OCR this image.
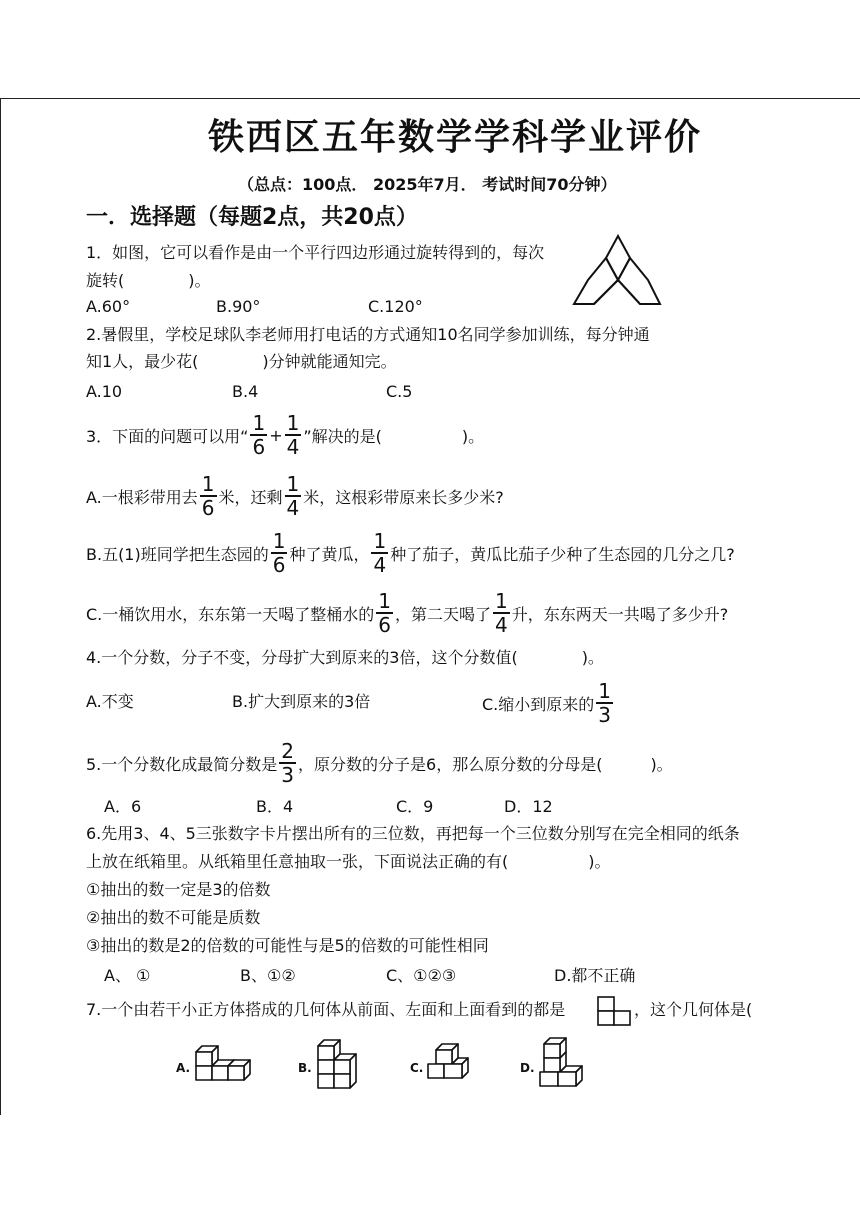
铁西区五年数学学科学业评价
（总点：100点． 2025年7月． 考试时间70分钟）
一．选择题（每题2点，共20点）
1．如图，它可以看作是由一个平行四边形通过旋转得到的，每次
旋转(　　　　)。
A.60°	B.90°	C.120°
2.暑假里，学校足球队李老师用打电话的方式通知10名同学参加训练，每分钟通
知1人，最少花(　　　　)分钟就能通知完。
A.10	B.4	C.5
3．下面的问题可以用“ $\frac{1}{6} + \frac{1}{4}$ ”解决的是(　　　　　)。
A.一根彩带用去 $\frac{1}{6}$ 米，还剩 $\frac{1}{4}$ 米，这根彩带原来长多少米?
B.五(1)班同学把生态园的 $\frac{1}{6}$ 种了黄瓜， $\frac{1}{4}$ 种了茄子，黄瓜比茄子少种了生态园的几分之几?
C.一桶饮用水，东东第一天喝了整桶水的 $\frac{1}{6}$ ，第二天喝了 $\frac{1}{4}$ 升，东东两天一共喝了多少升?
4.一个分数，分子不变，分母扩大到原来的3倍，这个分数值(　　　　)。
A.不变	B.扩大到原来的3倍	C.缩小到原来的 $\frac{1}{3}$
5.一个分数化成最简分数是 $\frac{2}{3}$ ，原分数的分子是6，那么原分数的分母是(　　　)。
A．6	B．4	C．9	D．12
6.先用3、4、5三张数字卡片摆出所有的三位数，再把每一个三位数分别写在完全相同的纸条
上放在纸箱里。从纸箱里任意抽取一张，下面说法正确的有(　　　　　)。
①抽出的数一定是3的倍数
②抽出的数不可能是质数
③抽出的数是2的倍数的可能性与是5的倍数的可能性相同
A、 ①	B、①②	C、①②③	D.都不正确
7.一个由若干小正方体搭成的几何体从前面、左面和上面看到的都是	，这个几何体是(
A.	B.	C.	D.
